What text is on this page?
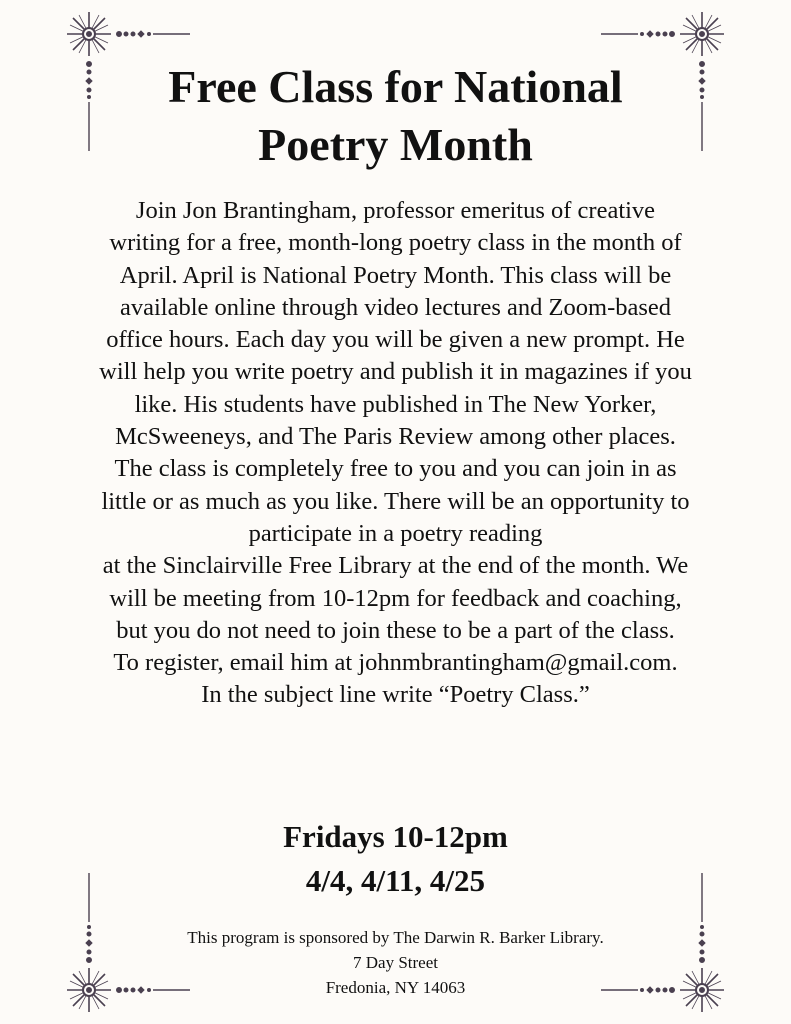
Free Class for National
Poetry Month

Join Jon Brantingham, professor emeritus of creative
writing for a free, month-long poetry class in the month of
April. April is National Poetry Month. This class will be
available online through video lectures and Zoom-based
office hours. Each day you will be given a new prompt. He
will help you write poetry and publish it in magazines if you
like. His students have published in The New Yorker,
McSweeneys, and The Paris Review among other places.
The class is completely free to you and you can join in as
little or as much as you like. There will be an opportunity to
participate in a poetry reading
at the Sinclairville Free Library at the end of the month. We
will be meeting from 10-12pm for feedback and coaching,
but you do not need to join these to be a part of the class.
To register, email him at johnmbrantingham@gmail.com.
In the subject line write “Poetry Class.”

Fridays 10-12pm
4/4, 4/11, 4/25
This program is sponsored by The Darwin R. Barker Library.
7 Day Street
Fredonia, NY 14063
